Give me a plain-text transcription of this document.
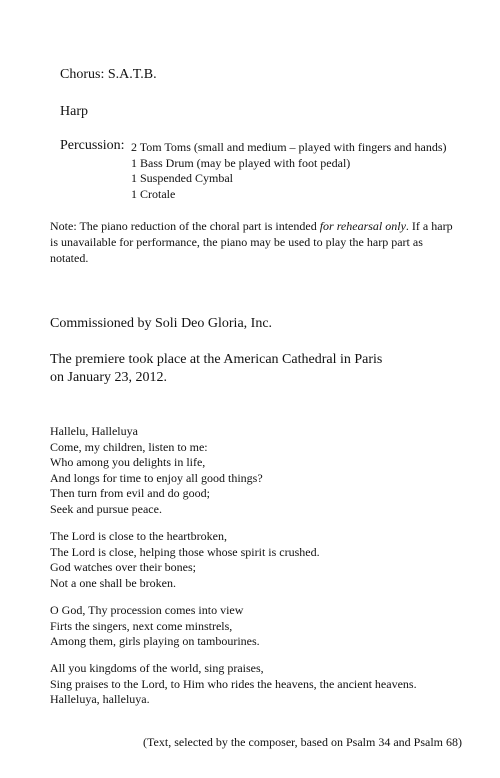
Chorus: S.A.T.B.
Harp
Percussion: 2 Tom Toms (small and medium – played with fingers and hands)
1 Bass Drum (may be played with foot pedal)
1 Suspended Cymbal
1 Crotale
Note: The piano reduction of the choral part is intended for rehearsal only. If a harp
is unavailable for performance, the piano may be used to play the harp part as
notated.
Commissioned by Soli Deo Gloria, Inc.
The premiere took place at the American Cathedral in Paris
on January 23, 2012.
Hallelu, Halleluya
Come, my children, listen to me:
Who among you delights in life,
And longs for time to enjoy all good things?
Then turn from evil and do good;
Seek and pursue peace.
The Lord is close to the heartbroken,
The Lord is close, helping those whose spirit is crushed.
God watches over their bones;
Not a one shall be broken.
O God, Thy procession comes into view
Firts the singers, next come minstrels,
Among them, girls playing on tambourines.
All you kingdoms of the world, sing praises,
Sing praises to the Lord, to Him who rides the heavens, the ancient heavens.
Halleluya, halleluya.
(Text, selected by the composer, based on Psalm 34 and Psalm 68)
